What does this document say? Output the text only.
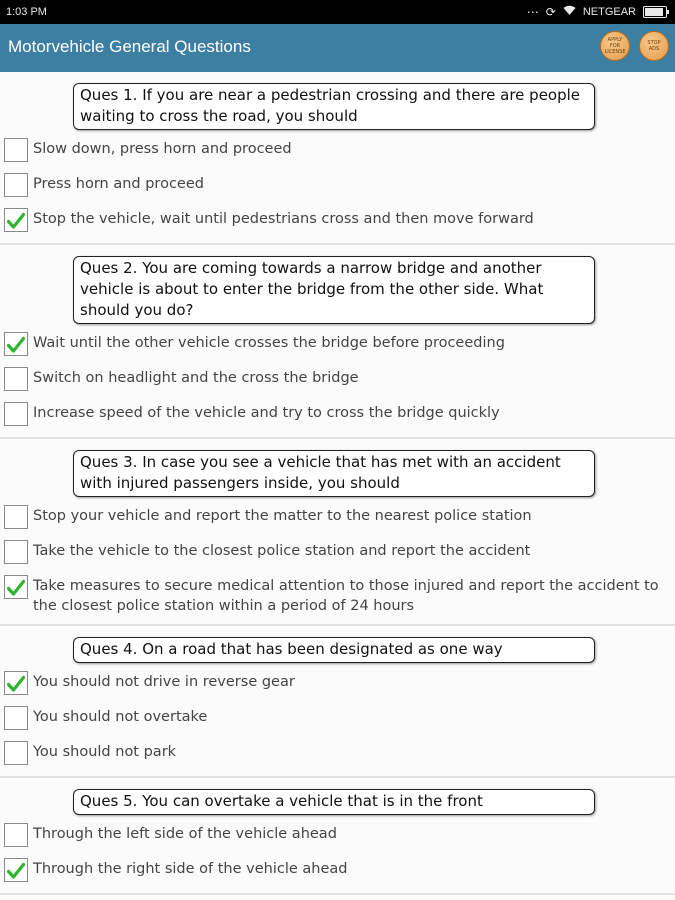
1:03 PM	⋯ ⟳ NETGEAR
Motorvehicle General Questions	APPLY FOR LICENSE
STOP ADS
Ques 1. If you are near a pedestrian crossing and there are people waiting to cross the road, you should
Slow down, press horn and proceed
Press horn and proceed
Stop the vehicle, wait until pedestrians cross and then move forward
Ques 2. You are coming towards a narrow bridge and another vehicle is about to enter the bridge from the other side. What should you do?
Wait until the other vehicle crosses the bridge before proceeding
Switch on headlight and the cross the bridge
Increase speed of the vehicle and try to cross the bridge quickly
Ques 3. In case you see a vehicle that has met with an accident with injured passengers inside, you should
Stop your vehicle and report the matter to the nearest police station
Take the vehicle to the closest police station and report the accident
Take measures to secure medical attention to those injured and report the accident to the closest police station within a period of 24 hours
Ques 4. On a road that has been designated as one way
You should not drive in reverse gear
You should not overtake
You should not park
Ques 5. You can overtake a vehicle that is in the front
Through the left side of the vehicle ahead
Through the right side of the vehicle ahead
